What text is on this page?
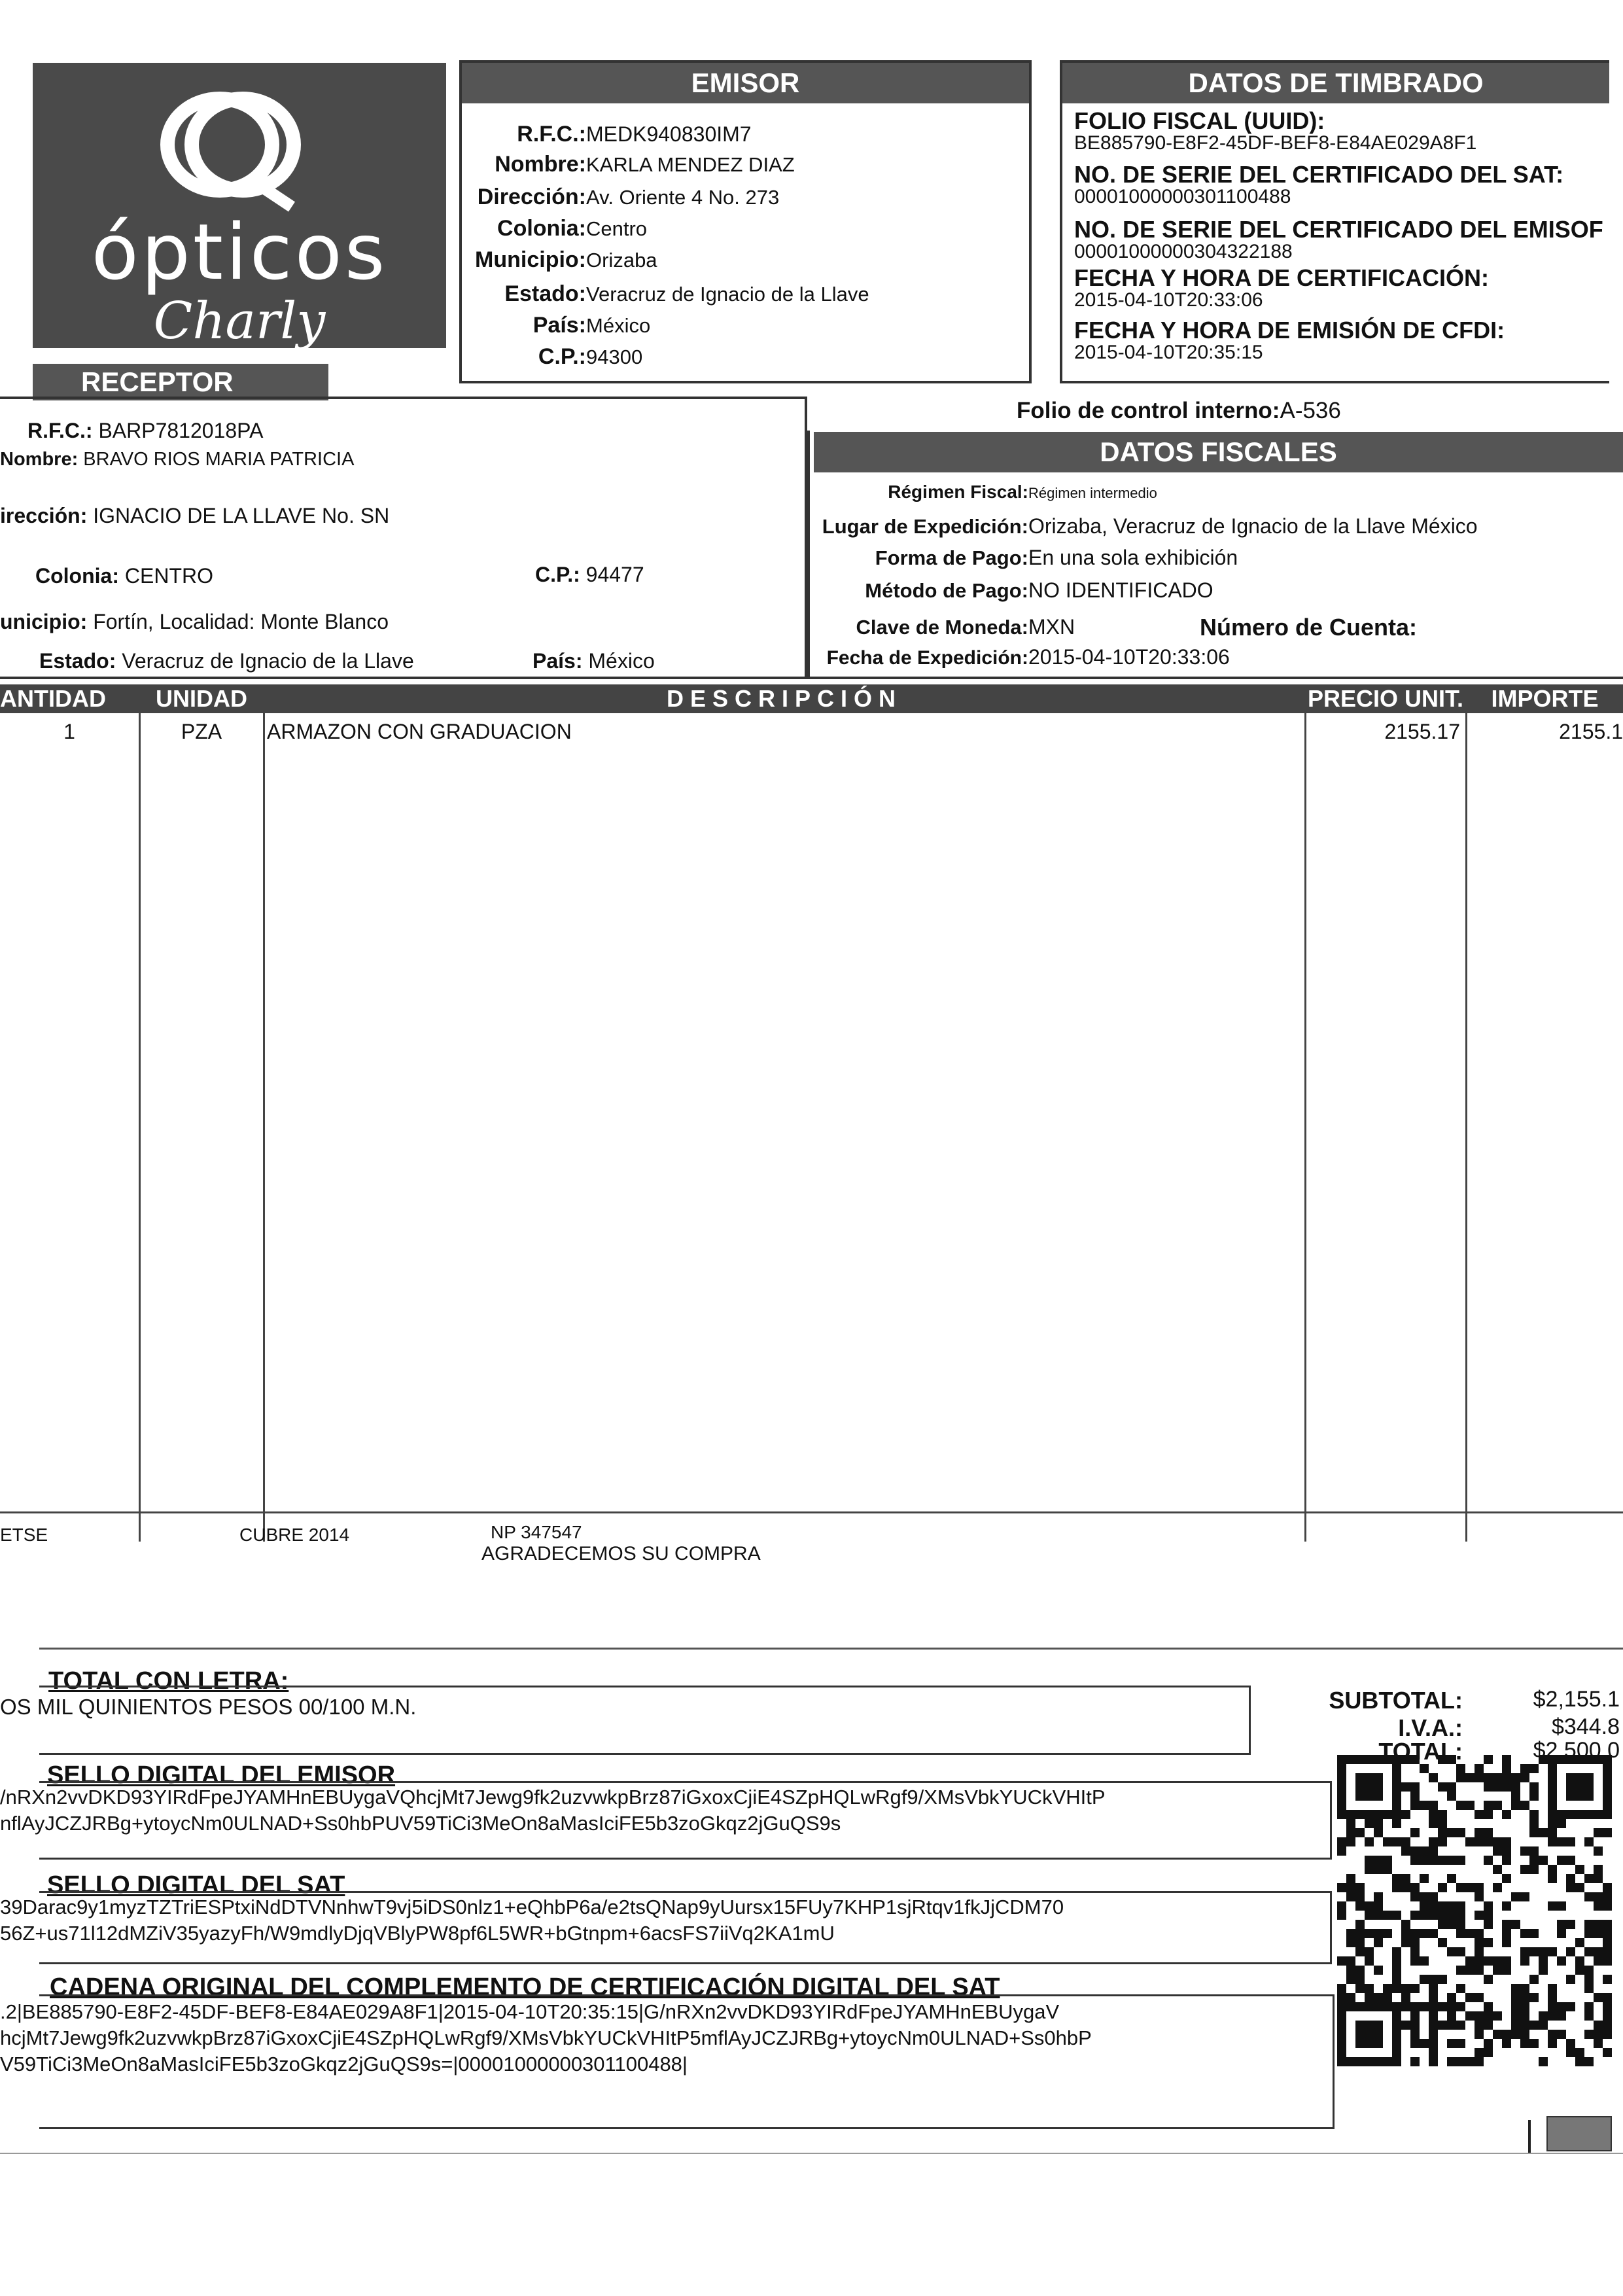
ópticos
Charly
EMISOR	DATOS DE TIMBRADO
RECEPTOR
R.F.C.: BARP7812018PA
Nombre: BRAVO RIOS MARIA PATRICIA
irección: IGNACIO DE LA LLAVE No. SN
Colonia: CENTRO	C.P.: 94477
unicipio: Fortín, Localidad: Monte Blanco
Estado: Veracruz de Ignacio de la Llave	País: México
Folio de control interno:A-536
DATOS FISCALES
Número de Cuenta:
ANTIDAD	UNIDAD	DESCRIPCIÓN	PRECIO UNIT.	IMPORTE
1	PZA	ARMAZON CON GRADUACION	2155.17	2155.1
ETSE	CUBRE 2014	NP 347547
AGRADECEMOS SU COMPRA
TOTAL CON LETRA:
OS MIL QUINIENTOS PESOS 00/100 M.N.
SELLO DIGITAL DEL EMISOR
SELLO DIGITAL DEL SAT
CADENA ORIGINAL DEL COMPLEMENTO DE CERTIFICACIÓN DIGITAL DEL SAT
R.F.C.:MEDK940830IM7
Nombre:KARLA MENDEZ DIAZ
Dirección:Av. Oriente 4 No. 273
Colonia:Centro
Municipio:Orizaba
Estado:Veracruz de Ignacio de la Llave
País:México
C.P.:94300
FOLIO FISCAL (UUID):
BE885790-E8F2-45DF-BEF8-E84AE029A8F1
NO. DE SERIE DEL CERTIFICADO DEL SAT:
00001000000301100488
NO. DE SERIE DEL CERTIFICADO DEL EMISOF
00001000000304322188
FECHA Y HORA DE CERTIFICACIÓN:
2015-04-10T20:33:06
FECHA Y HORA DE EMISIÓN DE CFDI:
2015-04-10T20:35:15
Régimen Fiscal:Régimen intermedio
Lugar de Expedición:Orizaba, Veracruz de Ignacio de la Llave México
Forma de Pago:En una sola exhibición
Método de Pago:NO IDENTIFICADO
Clave de Moneda:MXN
Fecha de Expedición:2015-04-10T20:33:06
SUBTOTAL:	$2,155.1
I.V.A.:	$344.8
TOTAL:	$2,500.0
/nRXn2vvDKD93YIRdFpeJYAMHnEBUygaVQhcjMt7Jewg9fk2uzvwkpBrz87iGxoxCjiE4SZpHQLwRgf9/XMsVbkYUCkVHItP
nflAyJCZJRBg+ytoycNm0ULNAD+Ss0hbPUV59TiCi3MeOn8aMasIciFE5b3zoGkqz2jGuQS9s
39Darac9y1myzTZTriESPtxiNdDTVNnhwT9vj5iDS0nlz1+eQhbP6a/e2tsQNap9yUursx15FUy7KHP1sjRtqv1fkJjCDM70
56Z+us71l12dMZiV35yazyFh/W9mdlyDjqVBlyPW8pf6L5WR+bGtnpm+6acsFS7iiVq2KA1mU
.2|BE885790-E8F2-45DF-BEF8-E84AE029A8F1|2015-04-10T20:35:15|G/nRXn2vvDKD93YIRdFpeJYAMHnEBUygaV
hcjMt7Jewg9fk2uzvwkpBrz87iGxoxCjiE4SZpHQLwRgf9/XMsVbkYUCkVHItP5mflAyJCZJRBg+ytoycNm0ULNAD+Ss0hbP
V59TiCi3MeOn8aMasIciFE5b3zoGkqz2jGuQS9s=|00001000000301100488|
